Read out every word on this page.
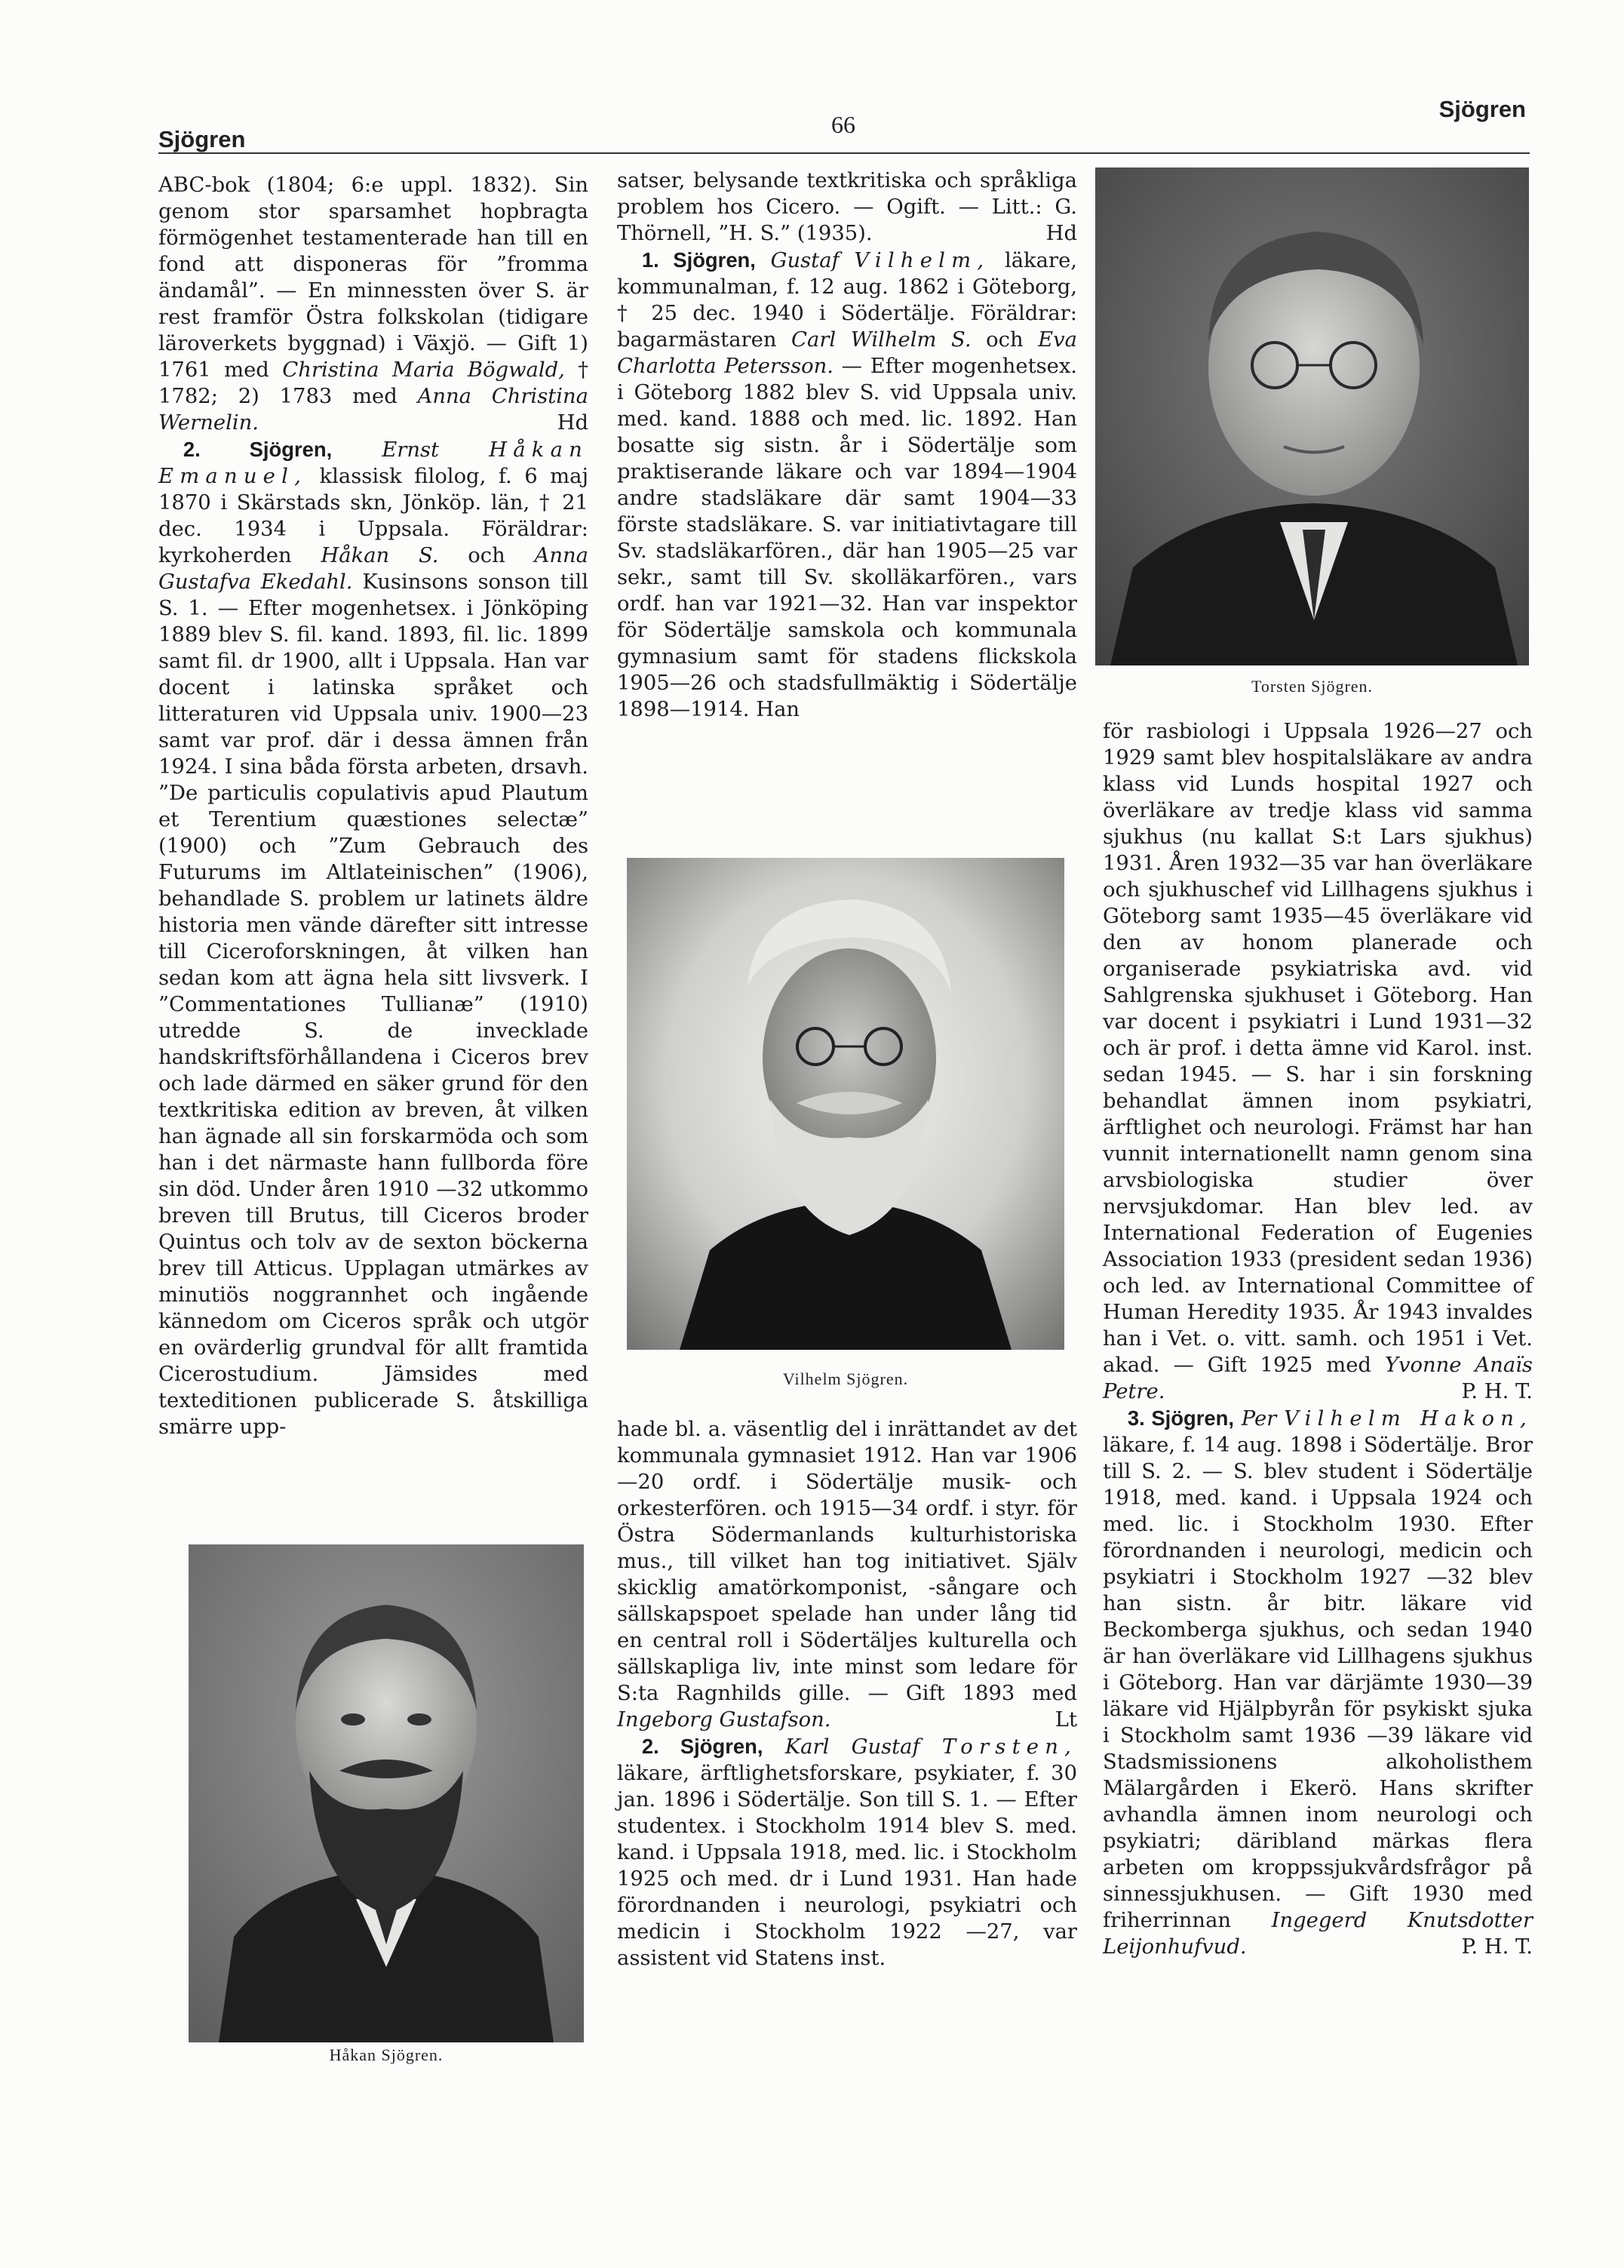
Sjögren
66
Sjögren

ABC-bok (1804; 6:e uppl. 1832). Sin genom stor sparsamhet hopbragta förmögenhet testamenterade han till en fond att disponeras för ”fromma ändamål”. — En minnessten över S. är rest framför Östra folkskolan (tidigare läroverkets byggnad) i Växjö. — Gift 1) 1761 med Christina Maria Bögwald, † 1782; 2) 1783 med Anna Christina Wernelin.	Hd

2. Sjögren, Ernst Håkan Emanuel, klassisk filolog, f. 6 maj 1870 i Skärstads skn, Jönköp. län, † 21 dec. 1934 i Uppsala. Föräldrar: kyrkoherden Håkan S. och Anna Gustafva Ekedahl. Kusinsons sonson till S. 1. — Efter mogenhetsex. i Jönköping 1889 blev S. fil. kand. 1893, fil. lic. 1899 samt fil. dr 1900, allt i Uppsala. Han var docent i latinska språket och litteraturen vid Uppsala univ. 1900—23 samt var prof. där i dessa ämnen från 1924. I sina båda första arbeten, drsavh. ”De particulis copulativis apud Plautum et Terentium quæstiones selectæ” (1900) och ”Zum Gebrauch des Futurums im Altlateinischen” (1906), behandlade S. problem ur latinets äldre historia men vände därefter sitt intresse till Ciceroforskningen, åt vilken han sedan kom att ägna hela sitt livsverk. I ”Commentationes Tullianæ” (1910) utredde S. de invecklade handskriftsförhållandena i Ciceros brev och lade därmed en säker grund för den textkritiska edition av breven, åt vilken han ägnade all sin forskarmöda och som han i det närmaste hann fullborda före sin död. Under åren 1910 —32 utkommo breven till Brutus, till Ciceros broder Quintus och tolv av de sexton böckerna brev till Atticus. Upplagan utmärkes av minutiös noggrannhet och ingående kännedom om Ciceros språk och utgör en ovärderlig grundval för allt framtida Cicerostudium. Jämsides med texteditionen publicerade S. åtskilliga smärre upp-

Håkan Sjögren.

satser, belysande textkritiska och språkliga problem hos Cicero. — Ogift. — Litt.: G. Thörnell, ”H. S.” (1935).	Hd

1. Sjögren, Gustaf Vilhelm, läkare, kommunalman, f. 12 aug. 1862 i Göteborg, † 25 dec. 1940 i Södertälje. Föräldrar: bagarmästaren Carl Wilhelm S. och Eva Charlotta Petersson. — Efter mogenhetsex. i Göteborg 1882 blev S. vid Uppsala univ. med. kand. 1888 och med. lic. 1892. Han bosatte sig sistn. år i Södertälje som praktiserande läkare och var 1894—1904 andre stadsläkare där samt 1904—33 förste stadsläkare. S. var initiativtagare till Sv. stadsläkarfören., där han 1905—25 var sekr., samt till Sv. skolläkarfören., vars ordf. han var 1921—32. Han var inspektor för Södertälje samskola och kommunala gymnasium samt för stadens flickskola 1905—26 och stadsfullmäktig i Södertälje 1898—1914. Han

Vilhelm Sjögren.

hade bl. a. väsentlig del i inrättandet av det kommunala gymnasiet 1912. Han var 1906—20 ordf. i Södertälje musik- och orkesterfören. och 1915—34 ordf. i styr. för Östra Södermanlands kulturhistoriska mus., till vilket han tog initiativet. Själv skicklig amatörkomponist, -sångare och sällskapspoet spelade han under lång tid en central roll i Södertäljes kulturella och sällskapliga liv, inte minst som ledare för S:ta Ragnhilds gille. — Gift 1893 med Ingeborg Gustafson.	Lt

2. Sjögren, Karl Gustaf Torsten, läkare, ärftlighetsforskare, psykiater, f. 30 jan. 1896 i Södertälje. Son till S. 1. — Efter studentex. i Stockholm 1914 blev S. med. kand. i Uppsala 1918, med. lic. i Stockholm 1925 och med. dr i Lund 1931. Han hade förordnanden i neurologi, psykiatri och medicin i Stockholm 1922 —27, var assistent vid Statens inst.

Torsten Sjögren.

för rasbiologi i Uppsala 1926—27 och 1929 samt blev hospitalsläkare av andra klass vid Lunds hospital 1927 och överläkare av tredje klass vid samma sjukhus (nu kallat S:t Lars sjukhus) 1931. Åren 1932—35 var han överläkare och sjukhuschef vid Lillhagens sjukhus i Göteborg samt 1935—45 överläkare vid den av honom planerade och organiserade psykiatriska avd. vid Sahlgrenska sjukhuset i Göteborg. Han var docent i psykiatri i Lund 1931—32 och är prof. i detta ämne vid Karol. inst. sedan 1945. — S. har i sin forskning behandlat ämnen inom psykiatri, ärftlighet och neurologi. Främst har han vunnit internationellt namn genom sina arvsbiologiska studier över nervsjukdomar. Han blev led. av International Federation of Eugenies Association 1933 (president sedan 1936) och led. av International Committee of Human Heredity 1935. År 1943 invaldes han i Vet. o. vitt. samh. och 1951 i Vet. akad. — Gift 1925 med Yvonne Anaïs Petre.	P. H. T.

3. Sjögren, Per Vilhelm Hakon, läkare, f. 14 aug. 1898 i Södertälje. Bror till S. 2. — S. blev student i Södertälje 1918, med. kand. i Uppsala 1924 och med. lic. i Stockholm 1930. Efter förordnanden i neurologi, medicin och psykiatri i Stockholm 1927 —32 blev han sistn. år bitr. läkare vid Beckomberga sjukhus, och sedan 1940 är han överläkare vid Lillhagens sjukhus i Göteborg. Han var därjämte 1930—39 läkare vid Hjälpbyrån för psykiskt sjuka i Stockholm samt 1936 —39 läkare vid Stadsmissionens alkoholisthem Mälargården i Ekerö. Hans skrifter avhandla ämnen inom neurologi och psykiatri; däribland märkas flera arbeten om kroppssjukvårdsfrågor på sinnessjukhusen. — Gift 1930 med friherrinnan Ingegerd Knutsdotter Leijonhufvud.	P. H. T.
